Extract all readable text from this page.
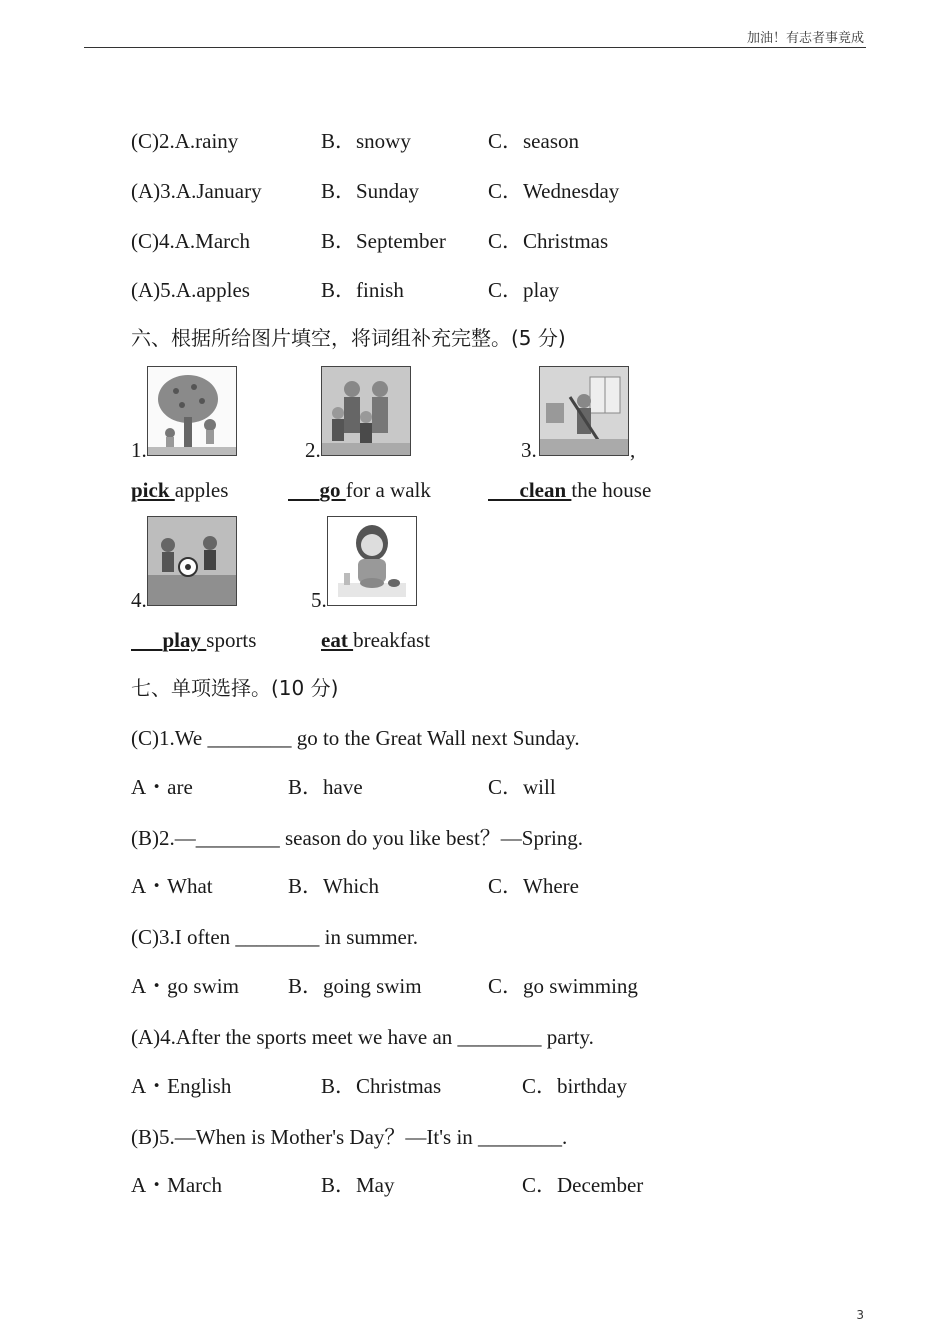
加油！有志者事竟成
(C)2.A.rainy	B．snowy	C．season
(A)3.A.January	B．Sunday	C．Wednesday
(C)4.A.March	B．September C．Christmas
(A)5.A.apples	B．finish	C．play
六、根据所给图片填空，将词组补充完整。(5 分)
1.	2.	3.	,
pick apples	go for a walk	clean the house
4.	5.
play sports	eat breakfast
七、单项选择。(10 分)
(C)1.We ________ go to the Great Wall next Sunday.
A・are	B．have	C．will
(B)2.—________ season do you like best？—Spring.
A・What	B．Which	C．Where
(C)3.I often ________ in summer.
A・go swim B．going swim	C．go swimming
(A)4.After the sports meet we have an ________ party.
A・English	B．Christmas	C．birthday
(B)5.—When is Mother's Day？—It's in ________.
A・March	B．May	C．December
3
